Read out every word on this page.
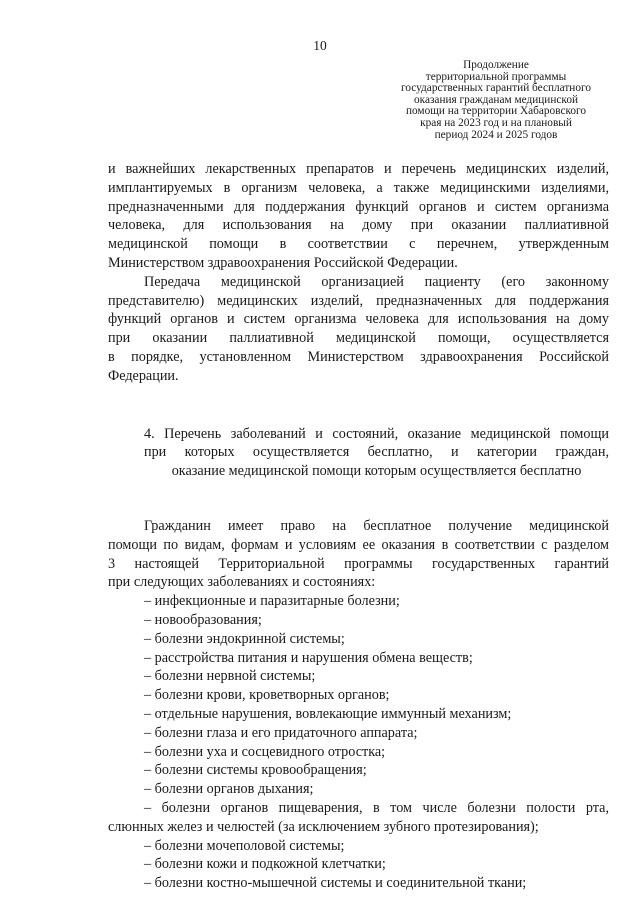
10
Продолжение
территориальной программы
государственных гарантий бесплатного
оказания гражданам медицинской
помощи на территории Хабаровского
края на 2023 год и на плановый
период 2024 и 2025 годов

и важнейших лекарственных препаратов и перечень медицинских изделий,
имплантируемых в организм человека, а также медицинскими изделиями,
предназначенными для поддержания функций органов и систем организма
человека, для использования на дому при оказании паллиативной
медицинской помощи в соответствии с перечнем, утвержденным
Министерством здравоохранения Российской Федерации.

Передача медицинской организацией пациенту (его законному
представителю) медицинских изделий, предназначенных для поддержания
функций органов и систем организма человека для использования на дому
при оказании паллиативной медицинской помощи, осуществляется
в порядке, установленном Министерством здравоохранения Российской
Федерации.

4. Перечень заболеваний и состояний, оказание медицинской помощи
при которых осуществляется бесплатно, и категории граждан,
оказание медицинской помощи которым осуществляется бесплатно

Гражданин имеет право на бесплатное получение медицинской
помощи по видам, формам и условиям ее оказания в соответствии с разделом
3 настоящей Территориальной программы государственных гарантий
при следующих заболеваниях и состояниях:

– инфекционные и паразитарные болезни;
– новообразования;
– болезни эндокринной системы;
– расстройства питания и нарушения обмена веществ;
– болезни нервной системы;
– болезни крови, кроветворных органов;
– отдельные нарушения, вовлекающие иммунный механизм;
– болезни глаза и его придаточного аппарата;
– болезни уха и сосцевидного отростка;
– болезни системы кровообращения;
– болезни органов дыхания;
– болезни органов пищеварения, в том числе болезни полости рта,
слюнных желез и челюстей (за исключением зубного протезирования);
– болезни мочеполовой системы;
– болезни кожи и подкожной клетчатки;
– болезни костно-мышечной системы и соединительной ткани;
